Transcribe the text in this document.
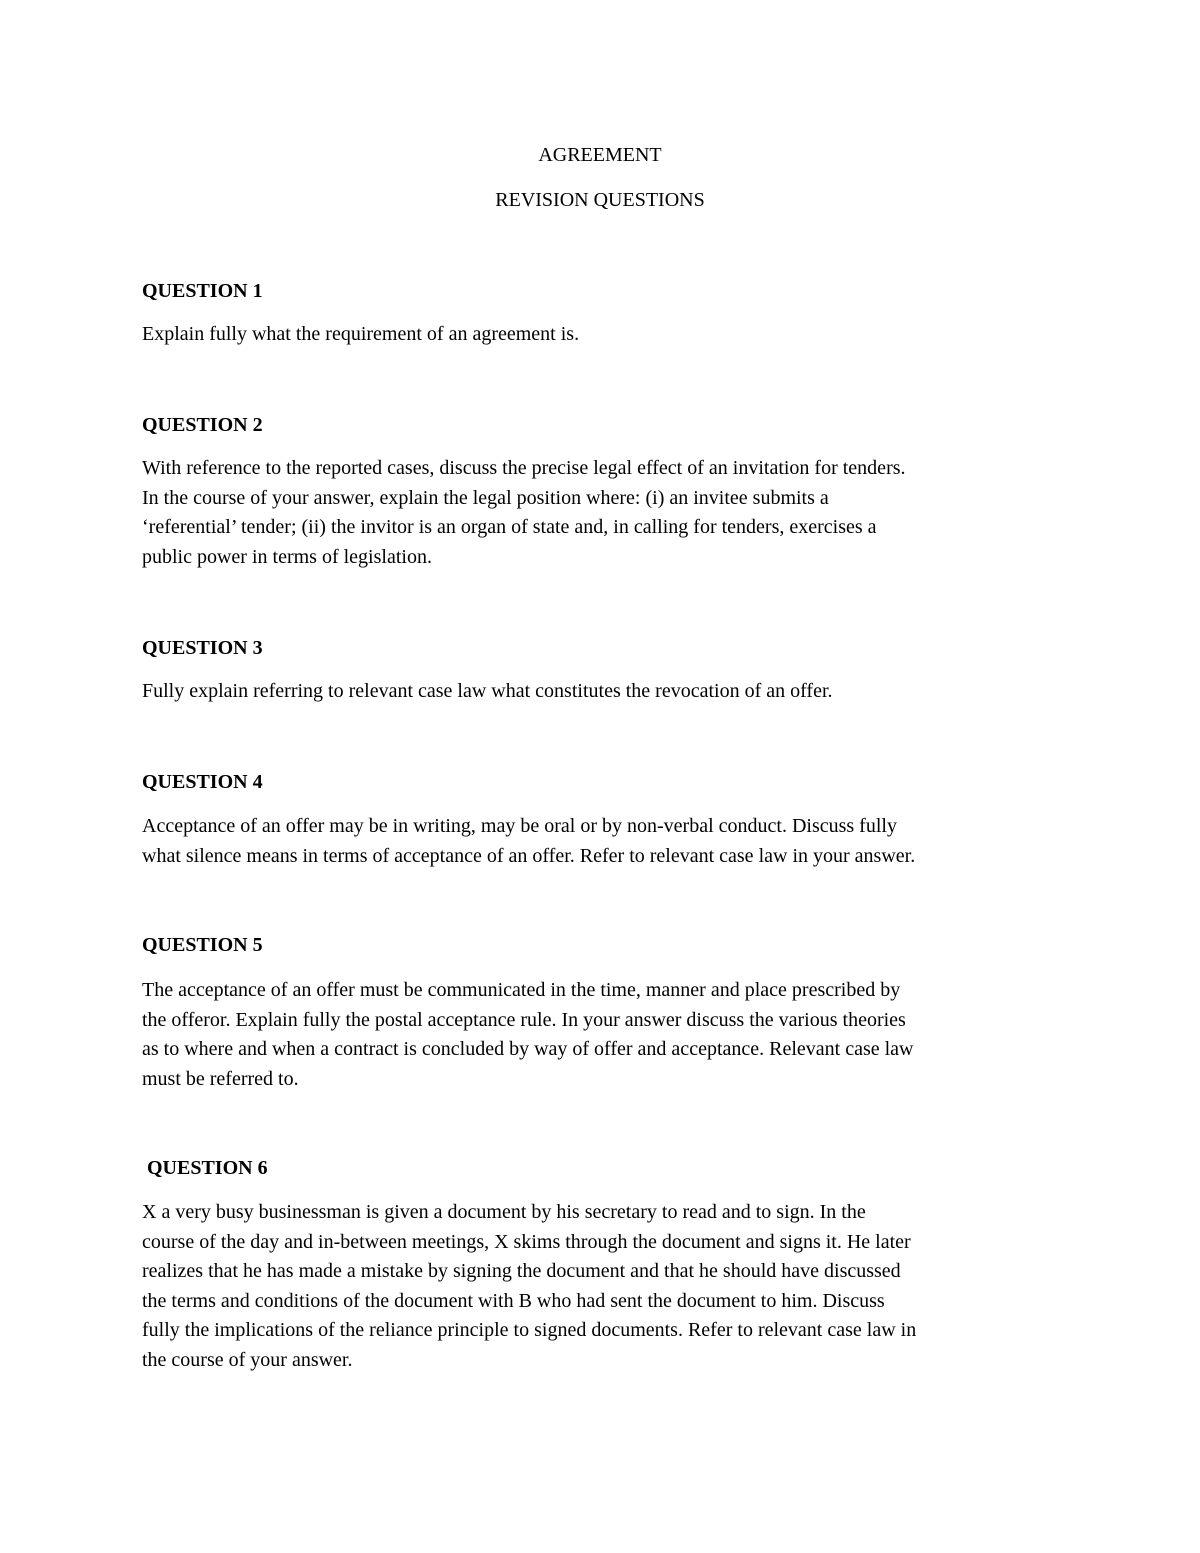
AGREEMENT
REVISION QUESTIONS
QUESTION 1
Explain fully what the requirement of an agreement is.
QUESTION 2
With reference to the reported cases, discuss the precise legal effect of an invitation for tenders.
In the course of your answer, explain the legal position where: (i) an invitee submits a
‘referential’ tender; (ii) the invitor is an organ of state and, in calling for tenders, exercises a
public power in terms of legislation.
QUESTION 3
Fully explain referring to relevant case law what constitutes the revocation of an offer.
QUESTION 4
Acceptance of an offer may be in writing, may be oral or by non-verbal conduct. Discuss fully
what silence means in terms of acceptance of an offer. Refer to relevant case law in your answer.
QUESTION 5
The acceptance of an offer must be communicated in the time, manner and place prescribed by
the offeror. Explain fully the postal acceptance rule. In your answer discuss the various theories
as to where and when a contract is concluded by way of offer and acceptance. Relevant case law
must be referred to.
QUESTION 6
X a very busy businessman is given a document by his secretary to read and to sign. In the
course of the day and in-between meetings, X skims through the document and signs it. He later
realizes that he has made a mistake by signing the document and that he should have discussed
the terms and conditions of the document with B who had sent the document to him. Discuss
fully the implications of the reliance principle to signed documents. Refer to relevant case law in
the course of your answer.
